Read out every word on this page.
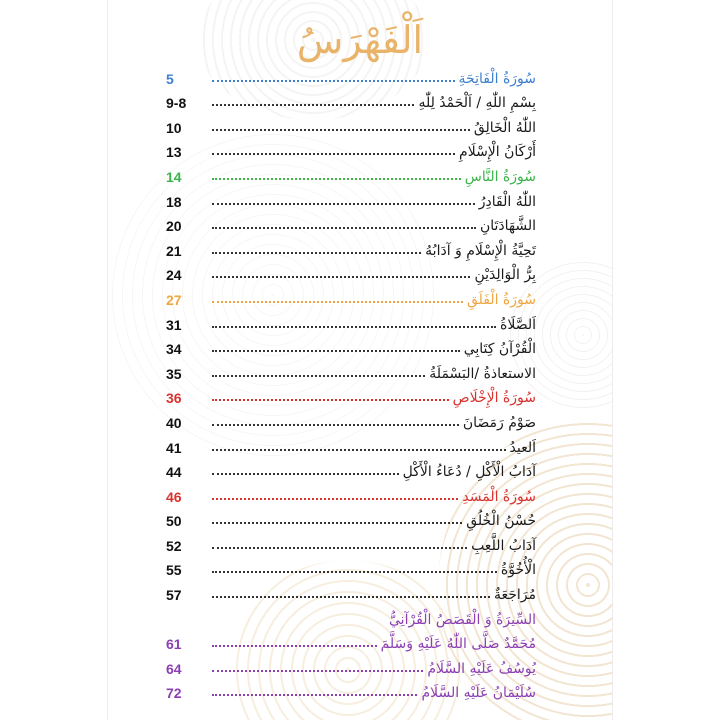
اَلْفَهْرَسُ
سُورَةُ الْفَاتِحَةِ
5
بِسْمِ اللّٰهِ / اَلْحَمْدُ لِلّٰهِ
9-8
اللّٰهُ الْخَالِقُ
10
أَرْكَانُ الْإِسْلَامِ
13
سُورَةُ النَّاسِ
14
اللّٰهُ الْقَادِرُ
18
الشَّهَادَتَانِ
20
تَحِيَّةُ الْإِسْلَامِ وَ آدَابُهُ
21
بِرُّ الْوَالِدَيْنِ
24
سُورَةُ الْفَلَقِ
27
اَلصَّلَاةُ
31
الْقُرْآنُ كِتَابِي
34
الاستعاذةُ /البَسْمَلَةُ
35
سُورَةُ الْإِخْلَاصِ
36
صَوْمُ رَمَضَانَ
40
اَلعيدُ
41
آدَابُ الْأَكْلِ / دُعَاءُ الْأَكْلِ
44
سُورَةُ الْمَسَدِ
46
حُسْنُ الْخُلُقِ
50
آدَابُ اللَّعِبِ
52
الْأُخُوَّةُ
55
مُرَاجَعَةٌ
57
السِّيرَةُ وَ الْقَصَصُ الْقُرْآنِيُّ
مُحَمَّدٌ صَلَّى اللّٰهُ عَلَيْهِ وَسَلَّمَ
61
يُوسُفُ عَلَيْهِ السَّلَامُ
64
سُلَيْمَانُ عَلَيْهِ السَّلَامُ
72
